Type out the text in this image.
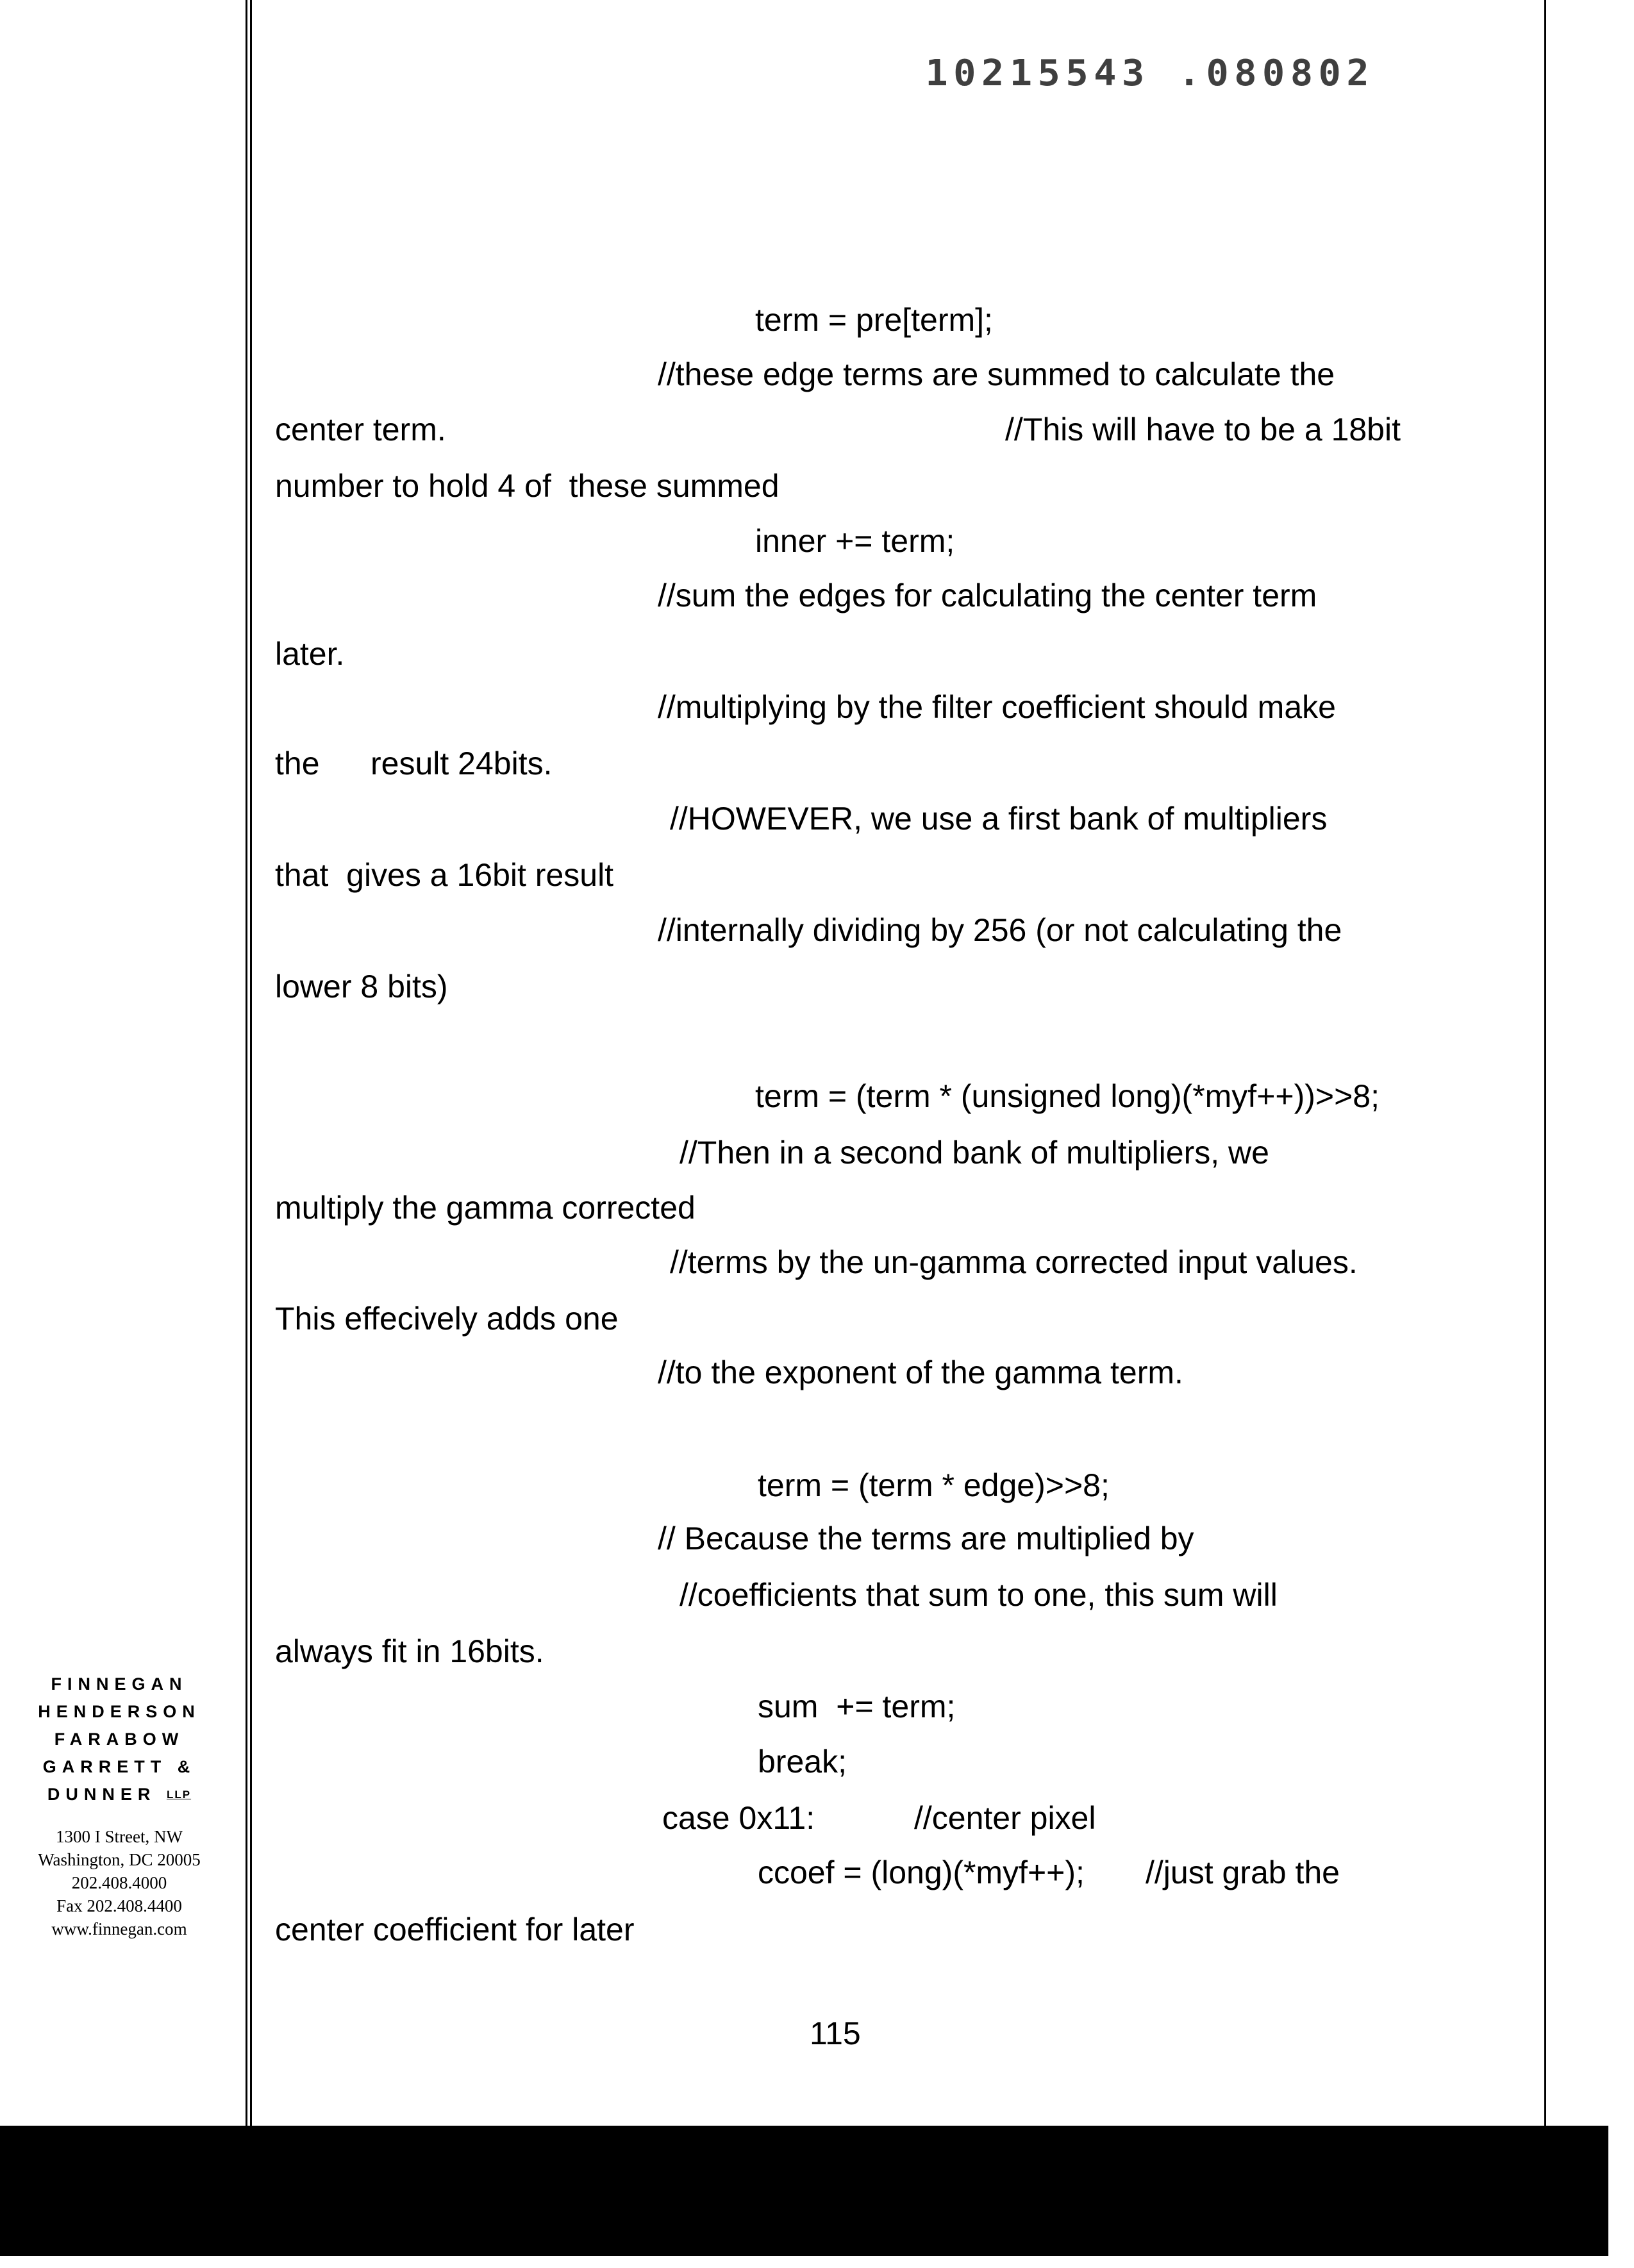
10215543 .080802
term = pre[term];
//these edge terms are summed to calculate the
center term.	//This will have to be a 18bit
number to hold 4 of  these summed
inner += term;
//sum the edges for calculating the center term
later.
//multiplying by the filter coefficient should make
the result 24bits.
//HOWEVER, we use a first bank of multipliers
that  gives a 16bit result
//internally dividing by 256 (or not calculating the
lower 8 bits)
term = (term * (unsigned long)(*myf++))>>8;
//Then in a second bank of multipliers, we
multiply the gamma corrected
//terms by the un-gamma corrected input values.
This effecively adds one
//to the exponent of the gamma term.
term = (term * edge)>>8;
// Because the terms are multiplied by
//coefficients that sum to one, this sum will
always fit in 16bits.
sum  += term;
break;
case 0x11:	//center pixel
ccoef = (long)(*myf++); //just grab the
center coefficient for later
115
FINNEGAN
HENDERSON
FARABOW
GARRETT &
DUNNER LLP
1300 I Street, NW
Washington, DC 20005
202.408.4000
Fax 202.408.4400
www.finnegan.com
